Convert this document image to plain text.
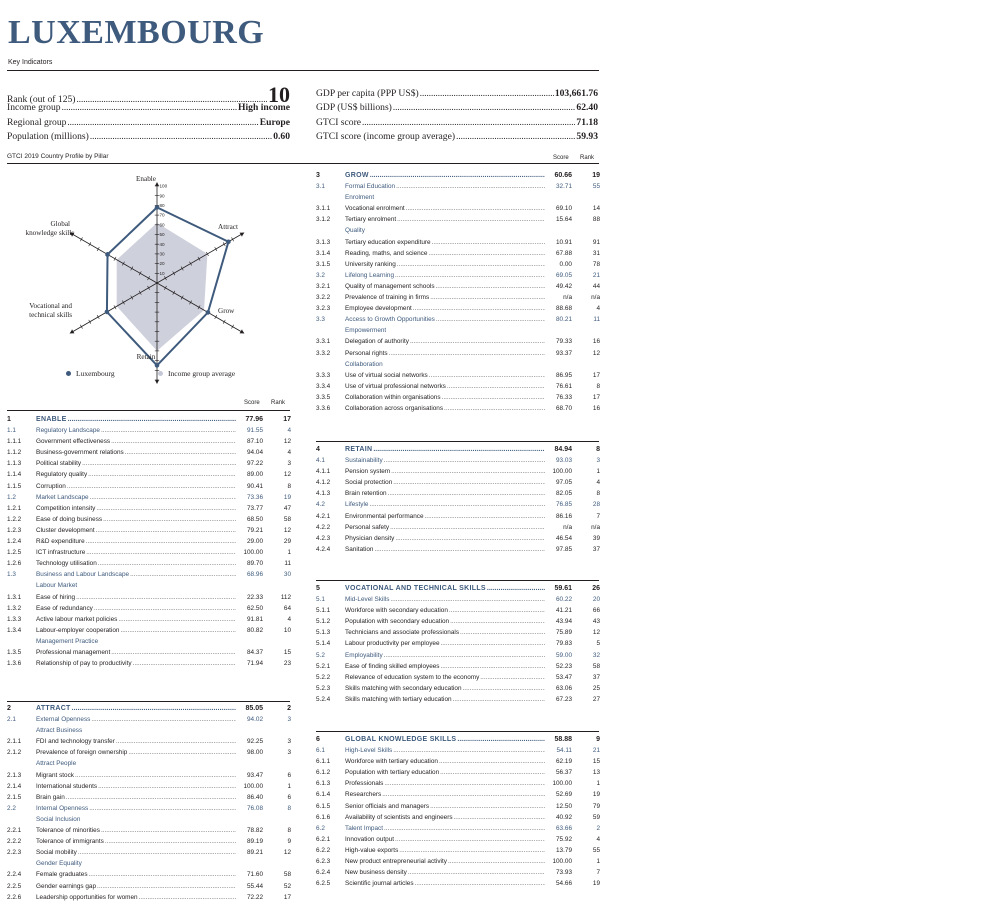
LUXEMBOURG
Key Indicators
Rank (out of 125) .....	10
Income group .....	High income
Regional group .....	Europe
Population (millions) .....	0.60
GDP per capita (PPP US$) .....	103,661.76
GDP (US$ billions) .....	62.40
GTCI score .....	71.18
GTCI score (income group average) .....	59.93
GTCI 2019 Country Profile by Pillar	Score Rank
100
90
80
70
60
50
40
30
20
10
Enable
Attract
Grow
Retain
Vocational and
technical skills
Global
knowledge skills
Luxembourg	Income group average
Score Rank
1	ENABLE .....	77.96	17
1.1	Regulatory Landscape .....	91.55	4
1.1.1	Government effectiveness .....	87.10	12
1.1.2	Business-government relations .....	94.04	4
1.1.3	Political stability .....	97.22	3
1.1.4	Regulatory quality .....	89.00	12
1.1.5	Corruption .....	90.41	8
1.2	Market Landscape .....	73.36	19
1.2.1	Competition intensity .....	73.77	47
1.2.2	Ease of doing business .....	68.50	58
1.2.3	Cluster development .....	79.21	12
1.2.4	R&D expenditure .....	29.00	29
1.2.5	ICT infrastructure .....	100.00	1
1.2.6	Technology utilisation .....	89.70	11
1.3	Business and Labour Landscape .....	68.96	30
Labour Market
1.3.1	Ease of hiring .....	22.33	112
1.3.2	Ease of redundancy .....	62.50	64
1.3.3	Active labour market policies .....	91.81	4
1.3.4	Labour-employer cooperation .....	80.82	10
Management Practice
1.3.5	Professional management .....	84.37	15
1.3.6	Relationship of pay to productivity .....	71.94	23
2	ATTRACT .....	85.05	2
2.1	External Openness .....	94.02	3
Attract Business
2.1.1	FDI and technology transfer .....	92.25	3
2.1.2	Prevalence of foreign ownership .....	98.00	3
Attract People
2.1.3	Migrant stock .....	93.47	6
2.1.4	International students .....	100.00	1
2.1.5	Brain gain .....	86.40	6
2.2	Internal Openness .....	76.08	8
Social Inclusion
2.2.1	Tolerance of minorities .....	78.82	8
2.2.2	Tolerance of immigrants .....	89.19	9
2.2.3	Social mobility .....	89.21	12
Gender Equality
2.2.4	Female graduates .....	71.60	58
2.2.5	Gender earnings gap .....	55.44	52
2.2.6	Leadership opportunities for women .....	72.22	17
3	GROW .....	60.66	19
3.1	Formal Education .....	32.71	55
Enrolment
3.1.1	Vocational enrolment .....	69.10	14
3.1.2	Tertiary enrolment .....	15.64	88
Quality
3.1.3	Tertiary education expenditure .....	10.91	91
3.1.4	Reading, maths, and science .....	67.88	31
3.1.5	University ranking .....	0.00	78
3.2	Lifelong Learning .....	69.05	21
3.2.1	Quality of management schools .....	49.42	44
3.2.2	Prevalence of training in firms .....	n/a	n/a
3.2.3	Employee development .....	88.68	4
3.3	Access to Growth Opportunities .....	80.21	11
Empowerment
3.3.1	Delegation of authority .....	79.33	16
3.3.2	Personal rights .....	93.37	12
Collaboration
3.3.3	Use of virtual social networks .....	86.95	17
3.3.4	Use of virtual professional networks .....	76.61	8
3.3.5	Collaboration within organisations .....	76.33	17
3.3.6	Collaboration across organisations .....	68.70	16
4	RETAIN .....	84.94	8
4.1	Sustainability .....	93.03	3
4.1.1	Pension system .....	100.00	1
4.1.2	Social protection .....	97.05	4
4.1.3	Brain retention .....	82.05	8
4.2	Lifestyle .....	76.85	28
4.2.1	Environmental performance .....	86.16	7
4.2.2	Personal safety .....	n/a	n/a
4.2.3	Physician density .....	46.54	39
4.2.4	Sanitation .....	97.85	37
5	VOCATIONAL AND TECHNICAL SKILLS .....	59.61	26
5.1	Mid-Level Skills .....	60.22	20
5.1.1	Workforce with secondary education .....	41.21	66
5.1.2	Population with secondary education .....	43.94	43
5.1.3	Technicians and associate professionals .....	75.89	12
5.1.4	Labour productivity per employee .....	79.83	5
5.2	Employability .....	59.00	32
5.2.1	Ease of finding skilled employees .....	52.23	58
5.2.2	Relevance of education system to the economy .....	53.47	37
5.2.3	Skills matching with secondary education .....	63.06	25
5.2.4	Skills matching with tertiary education .....	67.23	27
6	GLOBAL KNOWLEDGE SKILLS .....	58.88	9
6.1	High-Level Skills .....	54.11	21
6.1.1	Workforce with tertiary education .....	62.19	15
6.1.2	Population with tertiary education .....	56.37	13
6.1.3	Professionals .....	100.00	1
6.1.4	Researchers .....	52.69	19
6.1.5	Senior officials and managers .....	12.50	79
6.1.6	Availability of scientists and engineers .....	40.92	59
6.2	Talent Impact .....	63.66	2
6.2.1	Innovation output .....	75.92	4
6.2.2	High-value exports .....	13.79	55
6.2.3	New product entrepreneurial activity .....	100.00	1
6.2.4	New business density .....	73.93	7
6.2.5	Scientific journal articles .....	54.66	19
